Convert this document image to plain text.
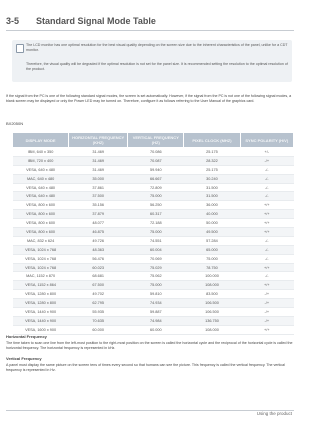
3-5 Standard Signal Mode Table
The LCD monitor has one optimal resolution for the best visual quality depending on the screen size due to the inherent characteristics of the panel, unlike for a CDT monitor.
Therefore, the visual quality will be degraded if the optimal resolution is not set for the panel size. It is recommended setting the resolution to the optimal resolution of the product.
If the signal from the PC is one of the following standard signal modes, the screen is set automatically. However, if the signal from the PC is not one of the following signal modes, a blank screen may be displayed or only the Power LED may be turned on. Therefore, configure it as follows referring to the User Manual of the graphics card.
BX2050N
DISPLAY MODE	HORIZONTAL FREQUENCY (KHZ)	VERTICAL FREQUENCY (HZ)	PIXEL CLOCK (MHZ)	SYNC POLARITY (H/V)
IBM, 640 x 350	31.469	70.086	25.175	+/-
IBM, 720 x 400	31.469	70.087	28.322	-/+
VESA, 640 x 480	31.469	59.940	25.175	-/-
MAC, 640 x 480	35.000	66.667	30.240	-/-
VESA, 640 x 480	37.861	72.809	31.500	-/-
VESA, 640 x 480	37.500	75.000	31.500	-/-
VESA, 800 x 600	35.156	56.250	36.000	+/+
VESA, 800 x 600	37.879	60.317	40.000	+/+
VESA, 800 x 600	48.077	72.188	50.000	+/+
VESA, 800 x 600	46.875	75.000	49.500	+/+
MAC, 832 x 624	49.726	74.551	57.284	-/-
VESA, 1024 x 768	48.363	60.004	65.000	-/-
VESA, 1024 x 768	56.476	70.069	75.000	-/-
VESA, 1024 x 768	60.023	75.029	78.750	+/+
MAC, 1152 x 870	68.681	75.062	100.000	-/-
VESA, 1152 x 864	67.500	75.000	108.000	+/+
VESA, 1280 x 800	49.702	59.810	83.500	-/+
VESA, 1280 x 800	62.795	74.934	106.500	-/+
VESA, 1440 x 900	55.935	59.887	106.500	-/+
VESA, 1440 x 900	70.635	74.984	136.750	-/+
VESA, 1600 x 900	60.000	60.000	108.000	+/+
Horizontal Frequency
The time taken to scan one line from the left-most position to the right-most position on the screen is called the horizontal cycle and the reciprocal of the horizontal cycle is called the horizontal frequency. The horizontal frequency is represented in kHz.
Vertical Frequency
A panel must display the same picture on the screen tens of times every second so that humans can see the picture. This frequency is called the vertical frequency. The vertical frequency is represented in Hz.
Using the product
